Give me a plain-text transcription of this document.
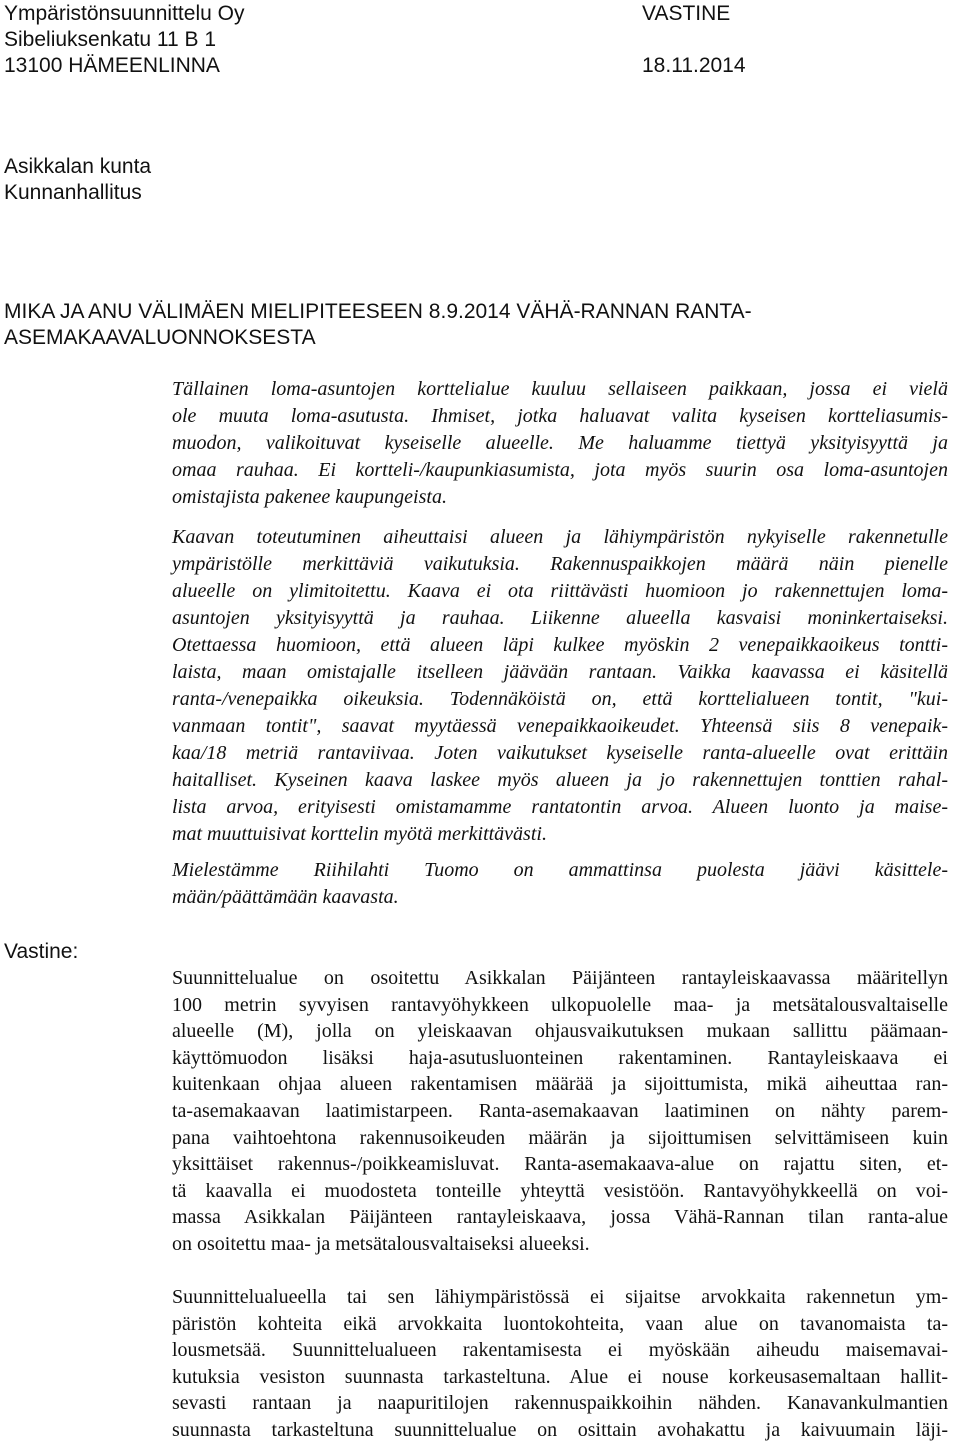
Ympäristönsuunnittelu Oy
Sibeliuksenkatu 11 B 1
13100 HÄMEENLINNA
VASTINE
18.11.2014
Asikkalan kunta
Kunnanhallitus
MIKA JA ANU VÄLIMÄEN MIELIPITEESEEN 8.9.2014 VÄHÄ-RANNAN RANTA-
ASEMAKAAVALUONNOKSESTA
Tällainen loma-asuntojen korttelialue kuuluu sellaiseen paikkaan, jossa ei vielä
ole muuta loma-asutusta. Ihmiset, jotka haluavat valita kyseisen kortteliasumis-
muodon, valikoituvat kyseiselle alueelle. Me haluamme tiettyä yksityisyyttä ja
omaa rauhaa. Ei kortteli-/kaupunkiasumista, jota myös suurin osa loma-asuntojen
omistajista pakenee kaupungeista.
Kaavan toteutuminen aiheuttaisi alueen ja lähiympäristön nykyiselle rakennetulle
ympäristölle merkittäviä vaikutuksia. Rakennuspaikkojen määrä näin pienelle
alueelle on ylimitoitettu. Kaava ei ota riittävästi huomioon jo rakennettujen loma-
asuntojen yksityisyyttä ja rauhaa. Liikenne alueella kasvaisi moninkertaiseksi.
Otettaessa huomioon, että alueen läpi kulkee myöskin 2 venepaikkaoikeus tontti-
laista, maan omistajalle itselleen jäävään rantaan. Vaikka kaavassa ei käsitellä
ranta-/venepaikka oikeuksia. Todennäköistä on, että korttelialueen tontit, "kui-
vanmaan tontit", saavat myytäessä venepaikkaoikeudet. Yhteensä siis 8 venepaik-
kaa/18 metriä rantaviivaa. Joten vaikutukset kyseiselle ranta-alueelle ovat erittäin
haitalliset. Kyseinen kaava laskee myös alueen ja jo rakennettujen tonttien rahal-
lista arvoa, erityisesti omistamamme rantatontin arvoa. Alueen luonto ja maise-
mat muuttuisivat korttelin myötä merkittävästi.
Mielestämme Riihilahti Tuomo on ammattinsa puolesta jäävi käsittele-
mään/päättämään kaavasta.
Vastine:
Suunnittelualue on osoitettu Asikkalan Päijänteen rantayleiskaavassa määritellyn
100 metrin syvyisen rantavyöhykkeen ulkopuolelle maa- ja metsätalousvaltaiselle
alueelle (M), jolla on yleiskaavan ohjausvaikutuksen mukaan sallittu päämaan-
käyttömuodon lisäksi haja-asutusluonteinen rakentaminen. Rantayleiskaava ei
kuitenkaan ohjaa alueen rakentamisen määrää ja sijoittumista, mikä aiheuttaa ran-
ta-asemakaavan laatimistarpeen. Ranta-asemakaavan laatiminen on nähty parem-
pana vaihtoehtona rakennusoikeuden määrän ja sijoittumisen selvittämiseen kuin
yksittäiset rakennus-/poikkeamisluvat. Ranta-asemakaava-alue on rajattu siten, et-
tä kaavalla ei muodosteta tonteille yhteyttä vesistöön. Rantavyöhykkeellä on voi-
massa Asikkalan Päijänteen rantayleiskaava, jossa Vähä-Rannan tilan ranta-alue
on osoitettu maa- ja metsätalousvaltaiseksi alueeksi.
Suunnittelualueella tai sen lähiympäristössä ei sijaitse arvokkaita rakennetun ym-
päristön kohteita eikä arvokkaita luontokohteita, vaan alue on tavanomaista ta-
lousmetsää. Suunnittelualueen rakentamisesta ei myöskään aiheudu maisemavai-
kutuksia vesiston suunnasta tarkasteltuna. Alue ei nouse korkeusasemaltaan hallit-
sevasti rantaan ja naapuritilojen rakennuspaikkoihin nähden. Kanavankulmantien
suunnasta tarkasteltuna suunnittelualue on osittain avohakattu ja kaivuumain läji-
